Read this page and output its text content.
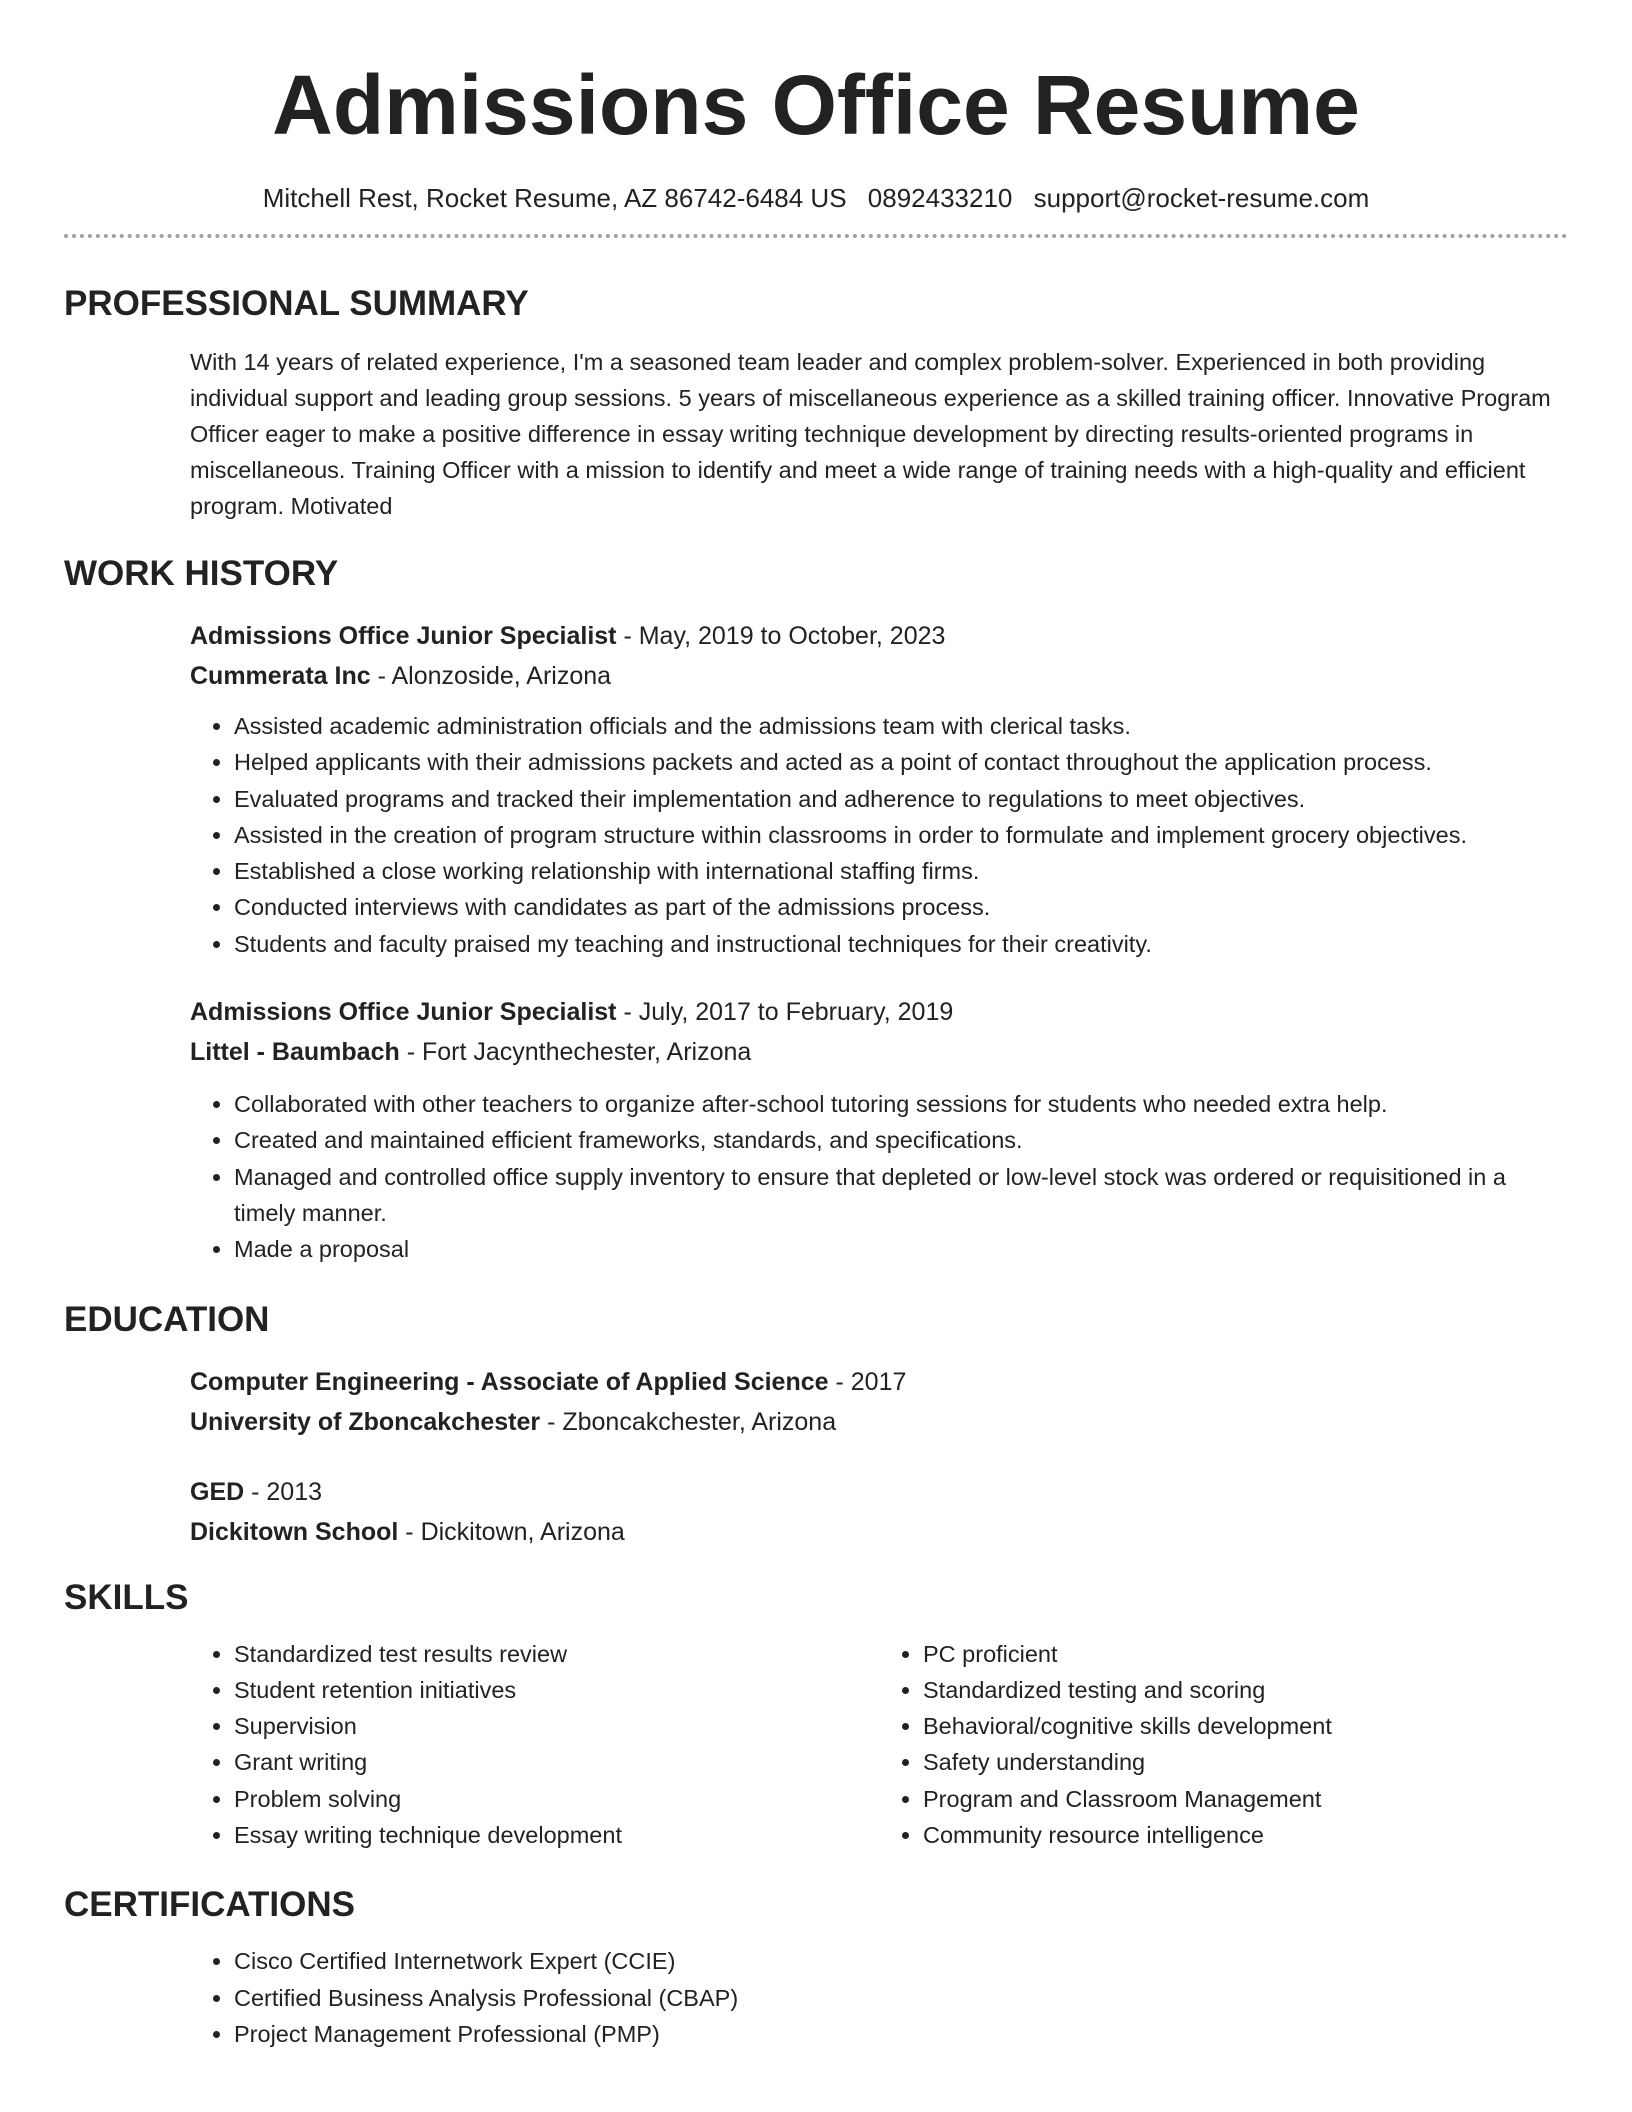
Admissions Office Resume
Mitchell Rest, Rocket Resume, AZ 86742-6484 US 0892433210 support@rocket-resume.com
PROFESSIONAL SUMMARY
With 14 years of related experience, I'm a seasoned team leader and complex problem-solver. Experienced in both providing individual support and leading group sessions. 5 years of miscellaneous experience as a skilled training officer. Innovative Program Officer eager to make a positive difference in essay writing technique development by directing results-oriented programs in miscellaneous. Training Officer with a mission to identify and meet a wide range of training needs with a high-quality and efficient program. Motivated
WORK HISTORY
Admissions Office Junior Specialist - May, 2019 to October, 2023
Cummerata Inc - Alonzoside, Arizona
• Assisted academic administration officials and the admissions team with clerical tasks.
• Helped applicants with their admissions packets and acted as a point of contact throughout the application process.
• Evaluated programs and tracked their implementation and adherence to regulations to meet objectives.
• Assisted in the creation of program structure within classrooms in order to formulate and implement grocery objectives.
• Established a close working relationship with international staffing firms.
• Conducted interviews with candidates as part of the admissions process.
• Students and faculty praised my teaching and instructional techniques for their creativity.
Admissions Office Junior Specialist - July, 2017 to February, 2019
Littel - Baumbach - Fort Jacynthechester, Arizona
• Collaborated with other teachers to organize after-school tutoring sessions for students who needed extra help.
• Created and maintained efficient frameworks, standards, and specifications.
• Managed and controlled office supply inventory to ensure that depleted or low-level stock was ordered or requisitioned in a timely manner.
• Made a proposal
EDUCATION
Computer Engineering - Associate of Applied Science - 2017
University of Zboncakchester - Zboncakchester, Arizona
GED - 2013
Dickitown School - Dickitown, Arizona
SKILLS
• Standardized test results review
• Student retention initiatives
• Supervision
• Grant writing
• Problem solving
• Essay writing technique development
• PC proficient
• Standardized testing and scoring
• Behavioral/cognitive skills development
• Safety understanding
• Program and Classroom Management
• Community resource intelligence
CERTIFICATIONS
• Cisco Certified Internetwork Expert (CCIE)
• Certified Business Analysis Professional (CBAP)
• Project Management Professional (PMP)
